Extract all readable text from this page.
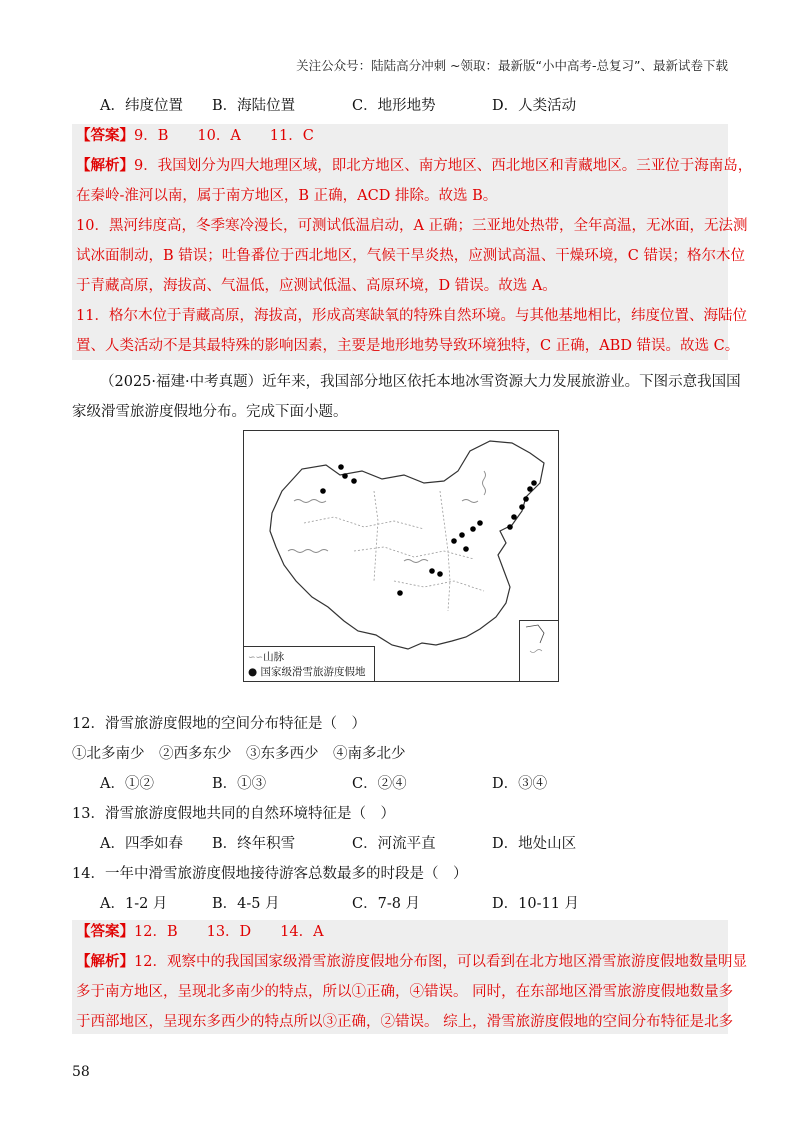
关注公众号：陆陆高分冲刺 ~领取：最新版“小中高考-总复习”、最新试卷下载
A．纬度位置 B．海陆位置	C．地形地势	D．人类活动
【答案】9．B　　10．A　　11．C
【解析】9．我国划分为四大地理区域，即北方地区、南方地区、西北地区和青藏地区。三亚位于海南岛，
在秦岭-淮河以南，属于南方地区，B 正确，ACD 排除。故选 B。
10．黑河纬度高，冬季寒冷漫长，可测试低温启动，A 正确；三亚地处热带，全年高温，无冰面，无法测
试冰面制动，B 错误；吐鲁番位于西北地区，气候干旱炎热，应测试高温、干燥环境，C 错误；格尔木位
于青藏高原，海拔高、气温低，应测试低温、高原环境，D 错误。故选 A。
11．格尔木位于青藏高原，海拔高，形成高寒缺氧的特殊自然环境。与其他基地相比，纬度位置、海陆位
置、人类活动不是其最特殊的影响因素，主要是地形地势导致环境独特，C 正确，ABD 错误。故选 C。
（2025·福建·中考真题）近年来，我国部分地区依托本地冰雪资源大力发展旅游业。下图示意我国国
家级滑雪旅游度假地分布。完成下面小题。
∽∽山脉
● 国家级滑雪旅游度假地
12．滑雪旅游度假地的空间分布特征是（　）
①北多南少　②西多东少　③东多西少　④南多北少
A．①②	B．①③	C．②④	D．③④
13．滑雪旅游度假地共同的自然环境特征是（　）
A．四季如春 B．终年积雪	C．河流平直	D．地处山区
14．一年中滑雪旅游度假地接待游客总数最多的时段是（　）
A．1-2 月	B．4-5 月	C．7-8 月	D．10-11 月
【答案】12．B　　13．D　　14．A
【解析】12．观察中的我国国家级滑雪旅游度假地分布图，可以看到在北方地区滑雪旅游度假地数量明显
多于南方地区，呈现北多南少的特点，所以①正确，④错误。 同时，在东部地区滑雪旅游度假地数量多
于西部地区，呈现东多西少的特点所以③正确，②错误。 综上，滑雪旅游度假地的空间分布特征是北多
58
